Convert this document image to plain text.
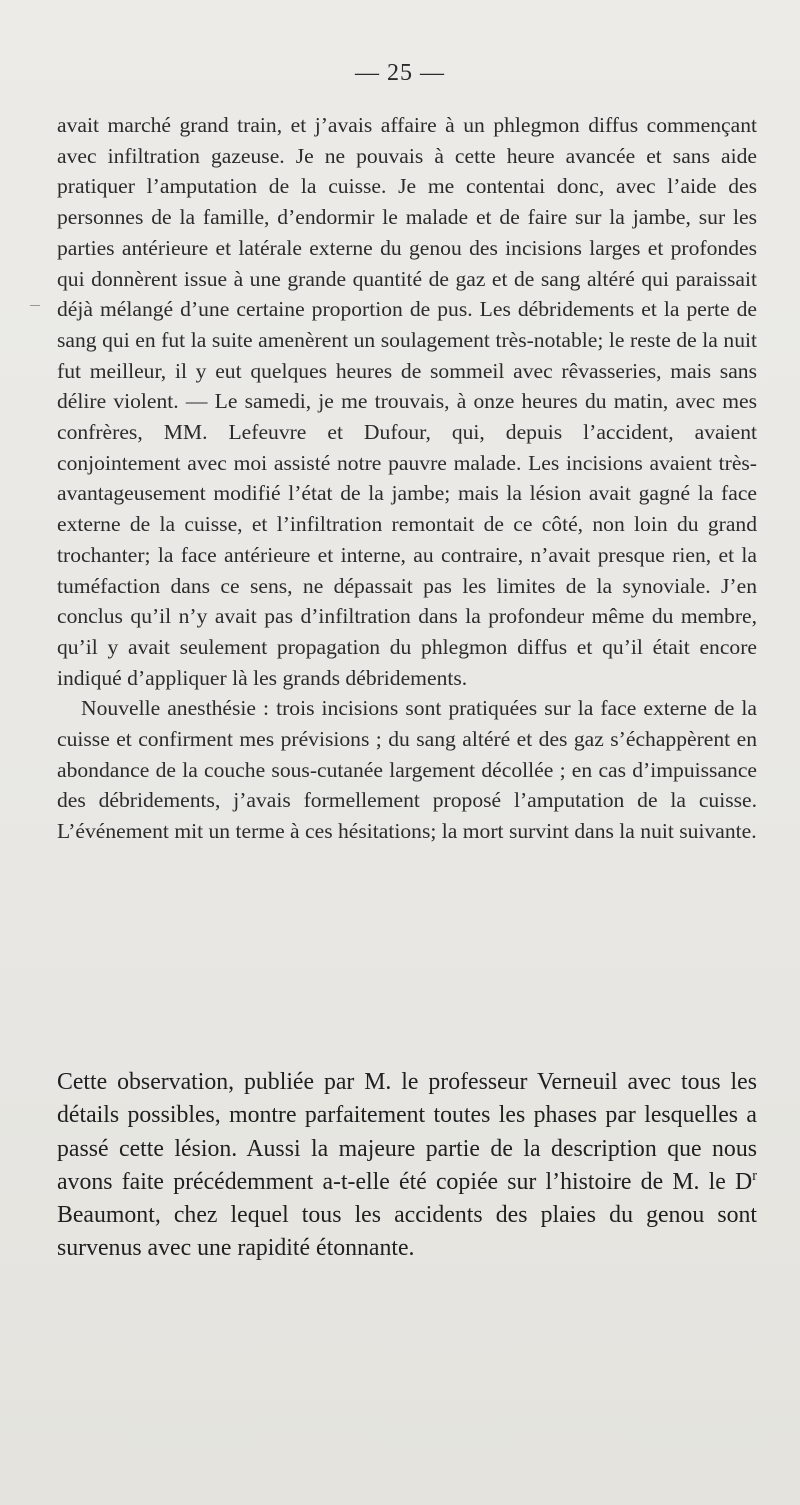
— 25 —

avait marché grand train, et j’avais affaire à un phlegmon diffus commençant avec infiltration gazeuse. Je ne pouvais à cette heure avancée et sans aide pratiquer l’amputation de la cuisse. Je me contentai donc, avec l’aide des personnes de la famille, d’endormir le malade et de faire sur la jambe, sur les parties antérieure et latérale externe du genou des incisions larges et profondes qui donnèrent issue à une grande quantité de gaz et de sang altéré qui paraissait déjà mélangé d’une certaine proportion de pus. Les débridements et la perte de sang qui en fut la suite amenèrent un soulagement très-notable; le reste de la nuit fut meilleur, il y eut quelques heures de sommeil avec rêvasseries, mais sans délire violent. — Le samedi, je me trouvais, à onze heures du matin, avec mes confrères, MM. Lefeuvre et Dufour, qui, depuis l’accident, avaient conjointement avec moi assisté notre pauvre malade. Les incisions avaient très-avantageusement modifié l’état de la jambe; mais la lésion avait gagné la face externe de la cuisse, et l’infiltration remontait de ce côté, non loin du grand trochanter; la face antérieure et interne, au contraire, n’avait presque rien, et la tuméfaction dans ce sens, ne dépassait pas les limites de la synoviale. J’en conclus qu’il n’y avait pas d’infiltration dans la profondeur même du membre, qu’il y avait seulement propagation du phlegmon diffus et qu’il était encore indiqué d’appliquer là les grands débridements.

Nouvelle anesthésie : trois incisions sont pratiquées sur la face externe de la cuisse et confirment mes prévisions ; du sang altéré et des gaz s’échappèrent en abondance de la couche sous-cutanée largement décollée ; en cas d’impuissance des débridements, j’avais formellement proposé l’amputation de la cuisse. L’événement mit un terme à ces hésitations; la mort survint dans la nuit suivante.

Cette observation, publiée par M. le professeur Verneuil avec tous les détails possibles, montre parfaitement toutes les phases par lesquelles a passé cette lésion. Aussi la majeure partie de la description que nous avons faite précédemment a-t-elle été copiée sur l’histoire de M. le $D^r$ Beaumont, chez lequel tous les accidents des plaies du genou sont survenus avec une rapidité étonnante.
